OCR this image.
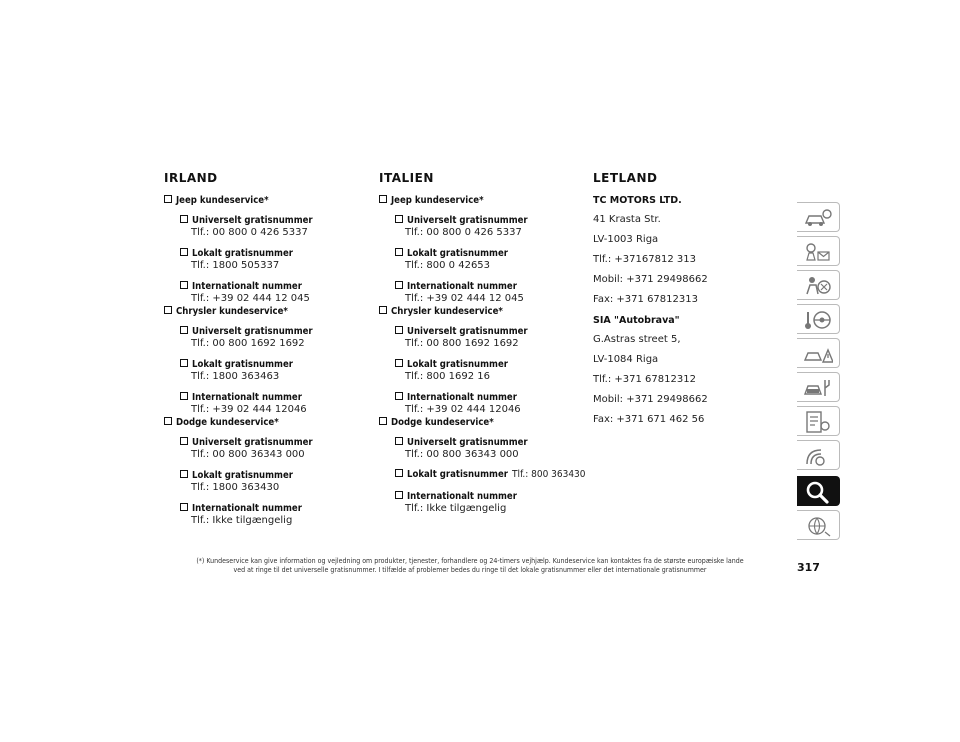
IRLAND
Jeep kundeservice*
Universelt gratisnummer
Tlf.: 00 800 0 426 5337
Lokalt gratisnummer
Tlf.: 1800 505337
Internationalt nummer
Tlf.: +39 02 444 12 045
Chrysler kundeservice*
Universelt gratisnummer
Tlf.: 00 800 1692 1692
Lokalt gratisnummer
Tlf.: 1800 363463
Internationalt nummer
Tlf.: +39 02 444 12046
Dodge kundeservice*
Universelt gratisnummer
Tlf.: 00 800 36343 000
Lokalt gratisnummer
Tlf.: 1800 363430
Internationalt nummer
Tlf.: Ikke tilgængelig
ITALIEN
Jeep kundeservice*
Universelt gratisnummer
Tlf.: 00 800 0 426 5337
Lokalt gratisnummer
Tlf.: 800 0 42653
Internationalt nummer
Tlf.: +39 02 444 12 045
Chrysler kundeservice*
Universelt gratisnummer
Tlf.: 00 800 1692 1692
Lokalt gratisnummer
Tlf.: 800 1692 16
Internationalt nummer
Tlf.: +39 02 444 12046
Dodge kundeservice*
Universelt gratisnummer
Tlf.: 00 800 36343 000
Lokalt gratisnummer Tlf.: 800 363430
Internationalt nummer
Tlf.: Ikke tilgængelig
LETLAND
TC MOTORS LTD.
41 Krasta Str.
LV-1003 Riga
Tlf.: +37167812 313
Mobil: +371 29498662
Fax: +371 67812313
SIA "Autobrava"
G.Astras street 5,
LV-1084 Riga
Tlf.: +371 67812312
Mobil: +371 29498662
Fax: +371 671 462 56
(*) Kundeservice kan give information og vejledning om produkter, tjenester, forhandlere og 24-timers vejhjælp. Kundeservice kan kontaktes fra de største europæiske lande
ved at ringe til det universelle gratisnummer. I tilfælde af problemer bedes du ringe til det lokale gratisnummer eller det internationale gratisnummer	317
